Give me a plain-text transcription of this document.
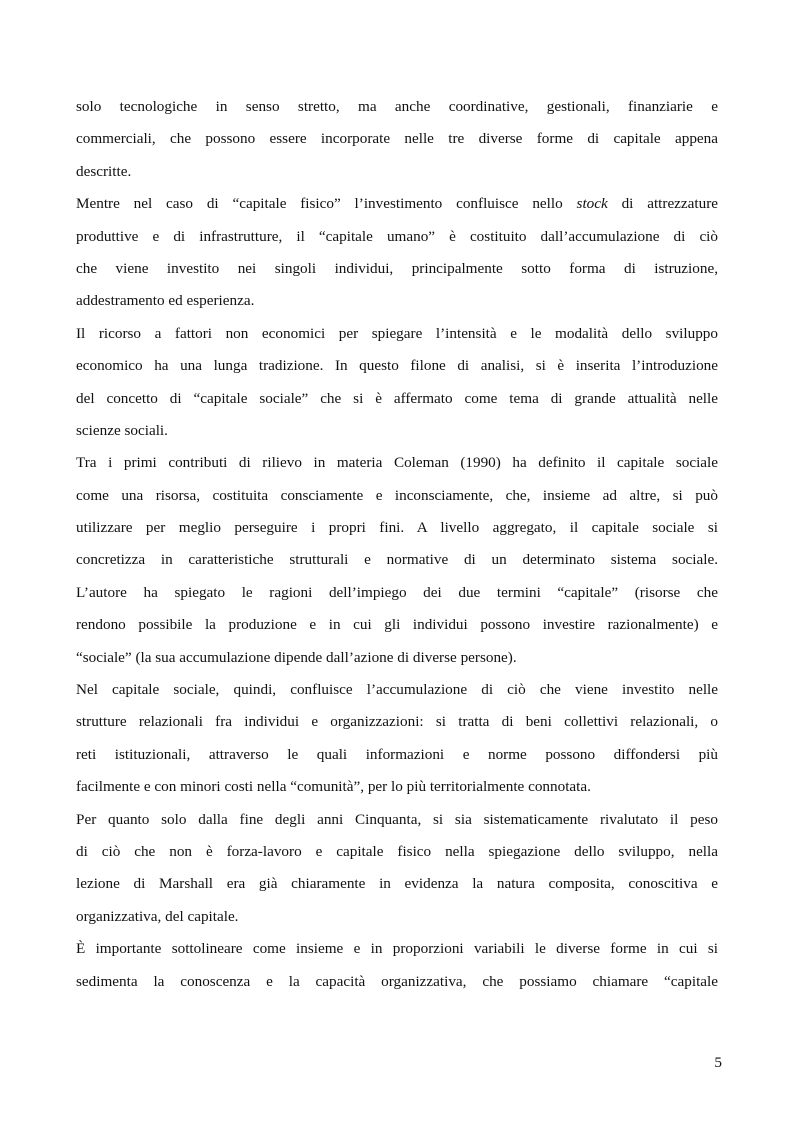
solo tecnologiche in senso stretto, ma anche coordinative, gestionali, finanziarie e
commerciali, che possono essere incorporate nelle tre diverse forme di capitale appena
descritte.

Mentre nel caso di “capitale fisico” l’investimento confluisce nello stock di attrezzature
produttive e di infrastrutture, il “capitale umano” è costituito dall’accumulazione di ciò
che viene investito nei singoli individui, principalmente sotto forma di istruzione,
addestramento ed esperienza.

Il ricorso a fattori non economici per spiegare l’intensità e le modalità dello sviluppo
economico ha una lunga tradizione. In questo filone di analisi, si è inserita l’introduzione
del concetto di “capitale sociale” che si è affermato come tema di grande attualità nelle
scienze sociali.

Tra i primi contributi di rilievo in materia Coleman (1990) ha definito il capitale sociale
come una risorsa, costituita consciamente e inconsciamente, che, insieme ad altre, si può
utilizzare per meglio perseguire i propri fini. A livello aggregato, il capitale sociale si
concretizza in caratteristiche strutturali e normative di un determinato sistema sociale.
L’autore ha spiegato le ragioni dell’impiego dei due termini “capitale” (risorse che
rendono possibile la produzione e in cui gli individui possono investire razionalmente) e
“sociale” (la sua accumulazione dipende dall’azione di diverse persone).

Nel capitale sociale, quindi, confluisce l’accumulazione di ciò che viene investito nelle
strutture relazionali fra individui e organizzazioni: si tratta di beni collettivi relazionali, o
reti istituzionali, attraverso le quali informazioni e norme possono diffondersi più
facilmente e con minori costi nella “comunità”, per lo più territorialmente connotata.

Per quanto solo dalla fine degli anni Cinquanta, si sia sistematicamente rivalutato il peso
di ciò che non è forza-lavoro e capitale fisico nella spiegazione dello sviluppo, nella
lezione di Marshall era già chiaramente in evidenza la natura composita, conoscitiva e
organizzativa, del capitale.

È importante sottolineare come insieme e in proporzioni variabili le diverse forme in cui si
sedimenta la conoscenza e la capacità organizzativa, che possiamo chiamare “capitale

5
